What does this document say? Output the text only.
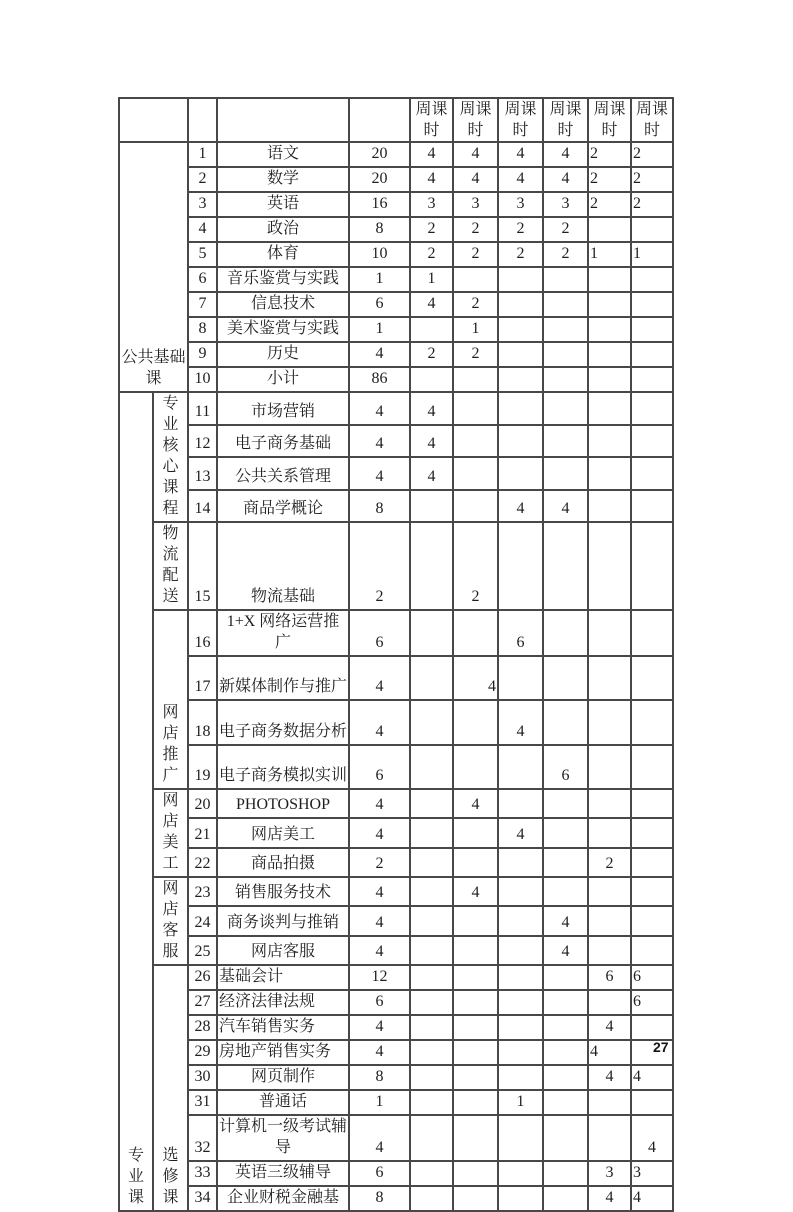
					周课时	周课时	周课时	周课时	周课时	周课时
公共基础课		1	语文	20	4	4	4	4	2	2
		2	数学	20	4	4	4	4	2	2
		3	英语	16	3	3	3	3	2	2
		4	政治	8	2	2	2	2		
		5	体育	10	2	2	2	2	1	1
		6	音乐鉴赏与实践	1	1					
		7	信息技术	6	4	2				
		8	美术鉴赏与实践	1		1				
		9	历史	4	2	2				
		10	小计	86						
专业课	专业核心课程	11	市场营销	4	4					
		12	电子商务基础	4	4					
		13	公共关系管理	4	4					
		14	商品学概论	8			4	4		
	物流配送	15	物流基础	2		2				
	网店推广	16	1+X 网络运营推广	6			6			
		17	新媒体制作与推广	4		4				
		18	电子商务数据分析	4			4			
		19	电子商务模拟实训	6				6		
	网店美工	20	PHOTOSHOP	4		4				
		21	网店美工	4			4			
		22	商品拍摄	2					2	
	网店客服	23	销售服务技术	4		4				
		24	商务谈判与推销	4				4		
		25	网店客服	4				4		
	选修课	26	基础会计	12					6	6
		27	经济法律法规	6						6
		28	汽车销售实务	4					4	
		29	房地产销售实务	4					4	
		30	网页制作	8					4	4
		31	普通话	1			1			
		32	计算机一级考试辅导	4						4
		33	英语三级辅导	6					3	3
		34	企业财税金融基	8					4	4
27
